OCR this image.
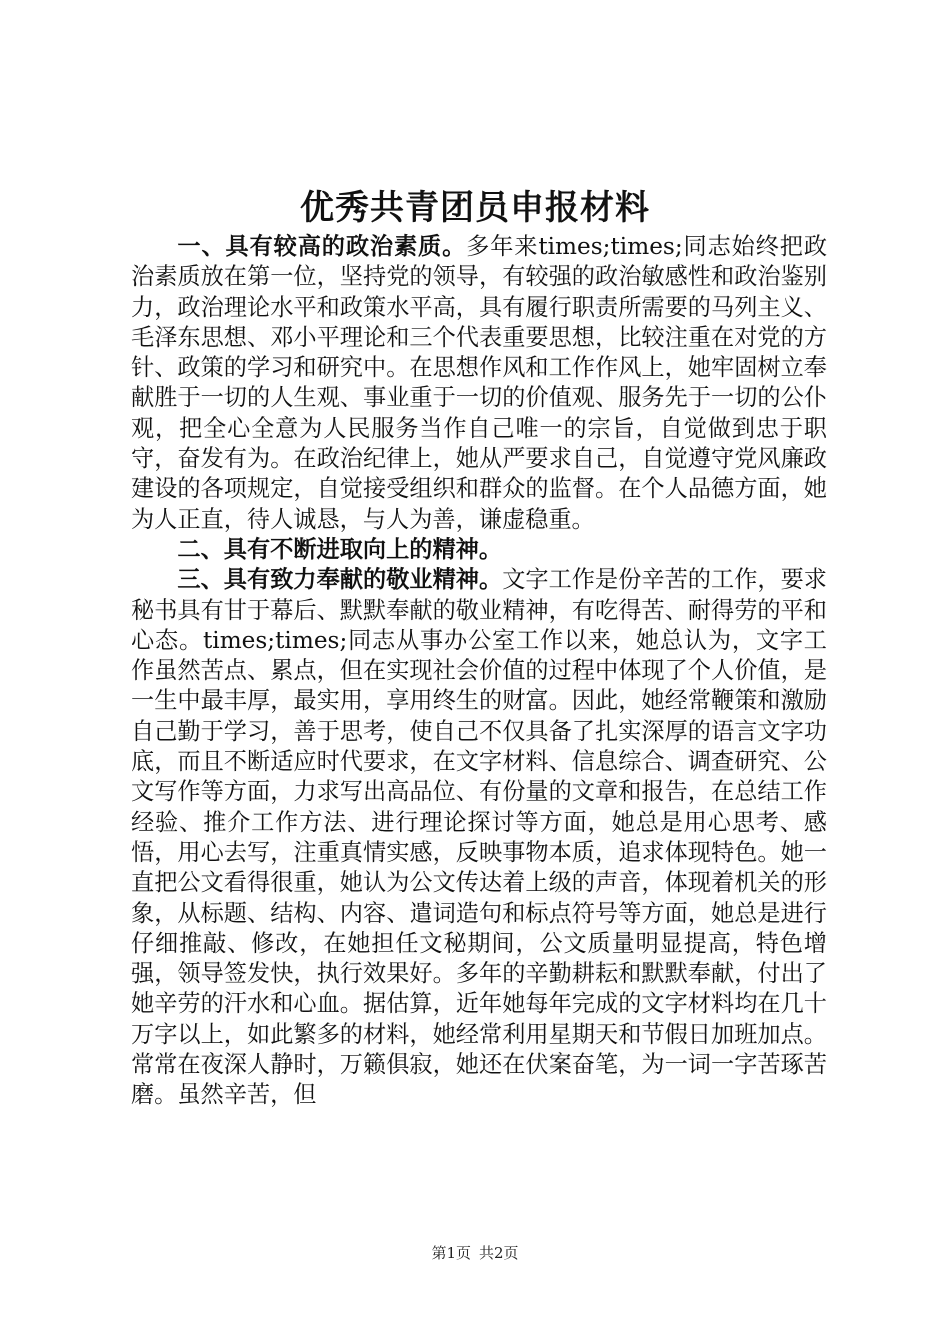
优秀共青团员申报材料

一、具有较高的政治素质。多年来times;times;同志始终把政治素质放在第一位，坚持党的领导，有较强的政治敏感性和政治鉴别力，政治理论水平和政策水平高，具有履行职责所需要的马列主义、毛泽东思想、邓小平理论和三个代表重要思想，比较注重在对党的方针、政策的学习和研究中。在思想作风和工作作风上，她牢固树立奉献胜于一切的人生观、事业重于一切的价值观、服务先于一切的公仆观，把全心全意为人民服务当作自己唯一的宗旨，自觉做到忠于职守，奋发有为。在政治纪律上，她从严要求自己，自觉遵守党风廉政建设的各项规定，自觉接受组织和群众的监督。在个人品德方面，她为人正直，待人诚恳，与人为善，谦虚稳重。

二、具有不断进取向上的精神。

三、具有致力奉献的敬业精神。文字工作是份辛苦的工作，要求秘书具有甘于幕后、默默奉献的敬业精神，有吃得苦、耐得劳的平和心态。times;times;同志从事办公室工作以来，她总认为，文字工作虽然苦点、累点，但在实现社会价值的过程中体现了个人价值，是一生中最丰厚，最实用，享用终生的财富。因此，她经常鞭策和激励自己勤于学习，善于思考，使自己不仅具备了扎实深厚的语言文字功底，而且不断适应时代要求，在文字材料、信息综合、调查研究、公文写作等方面，力求写出高品位、有份量的文章和报告，在总结工作经验、推介工作方法、进行理论探讨等方面，她总是用心思考、感悟，用心去写，注重真情实感，反映事物本质，追求体现特色。她一直把公文看得很重，她认为公文传达着上级的声音，体现着机关的形象，从标题、结构、内容、遣词造句和标点符号等方面，她总是进行仔细推敲、修改，在她担任文秘期间，公文质量明显提高，特色增强，领导签发快，执行效果好。多年的辛勤耕耘和默默奉献，付出了她辛劳的汗水和心血。据估算，近年她每年完成的文字材料均在几十万字以上，如此繁多的材料，她经常利用星期天和节假日加班加点。常常在夜深人静时，万籁俱寂，她还在伏案奋笔，为一词一字苦琢苦磨。虽然辛苦，但

第1页 共2页
